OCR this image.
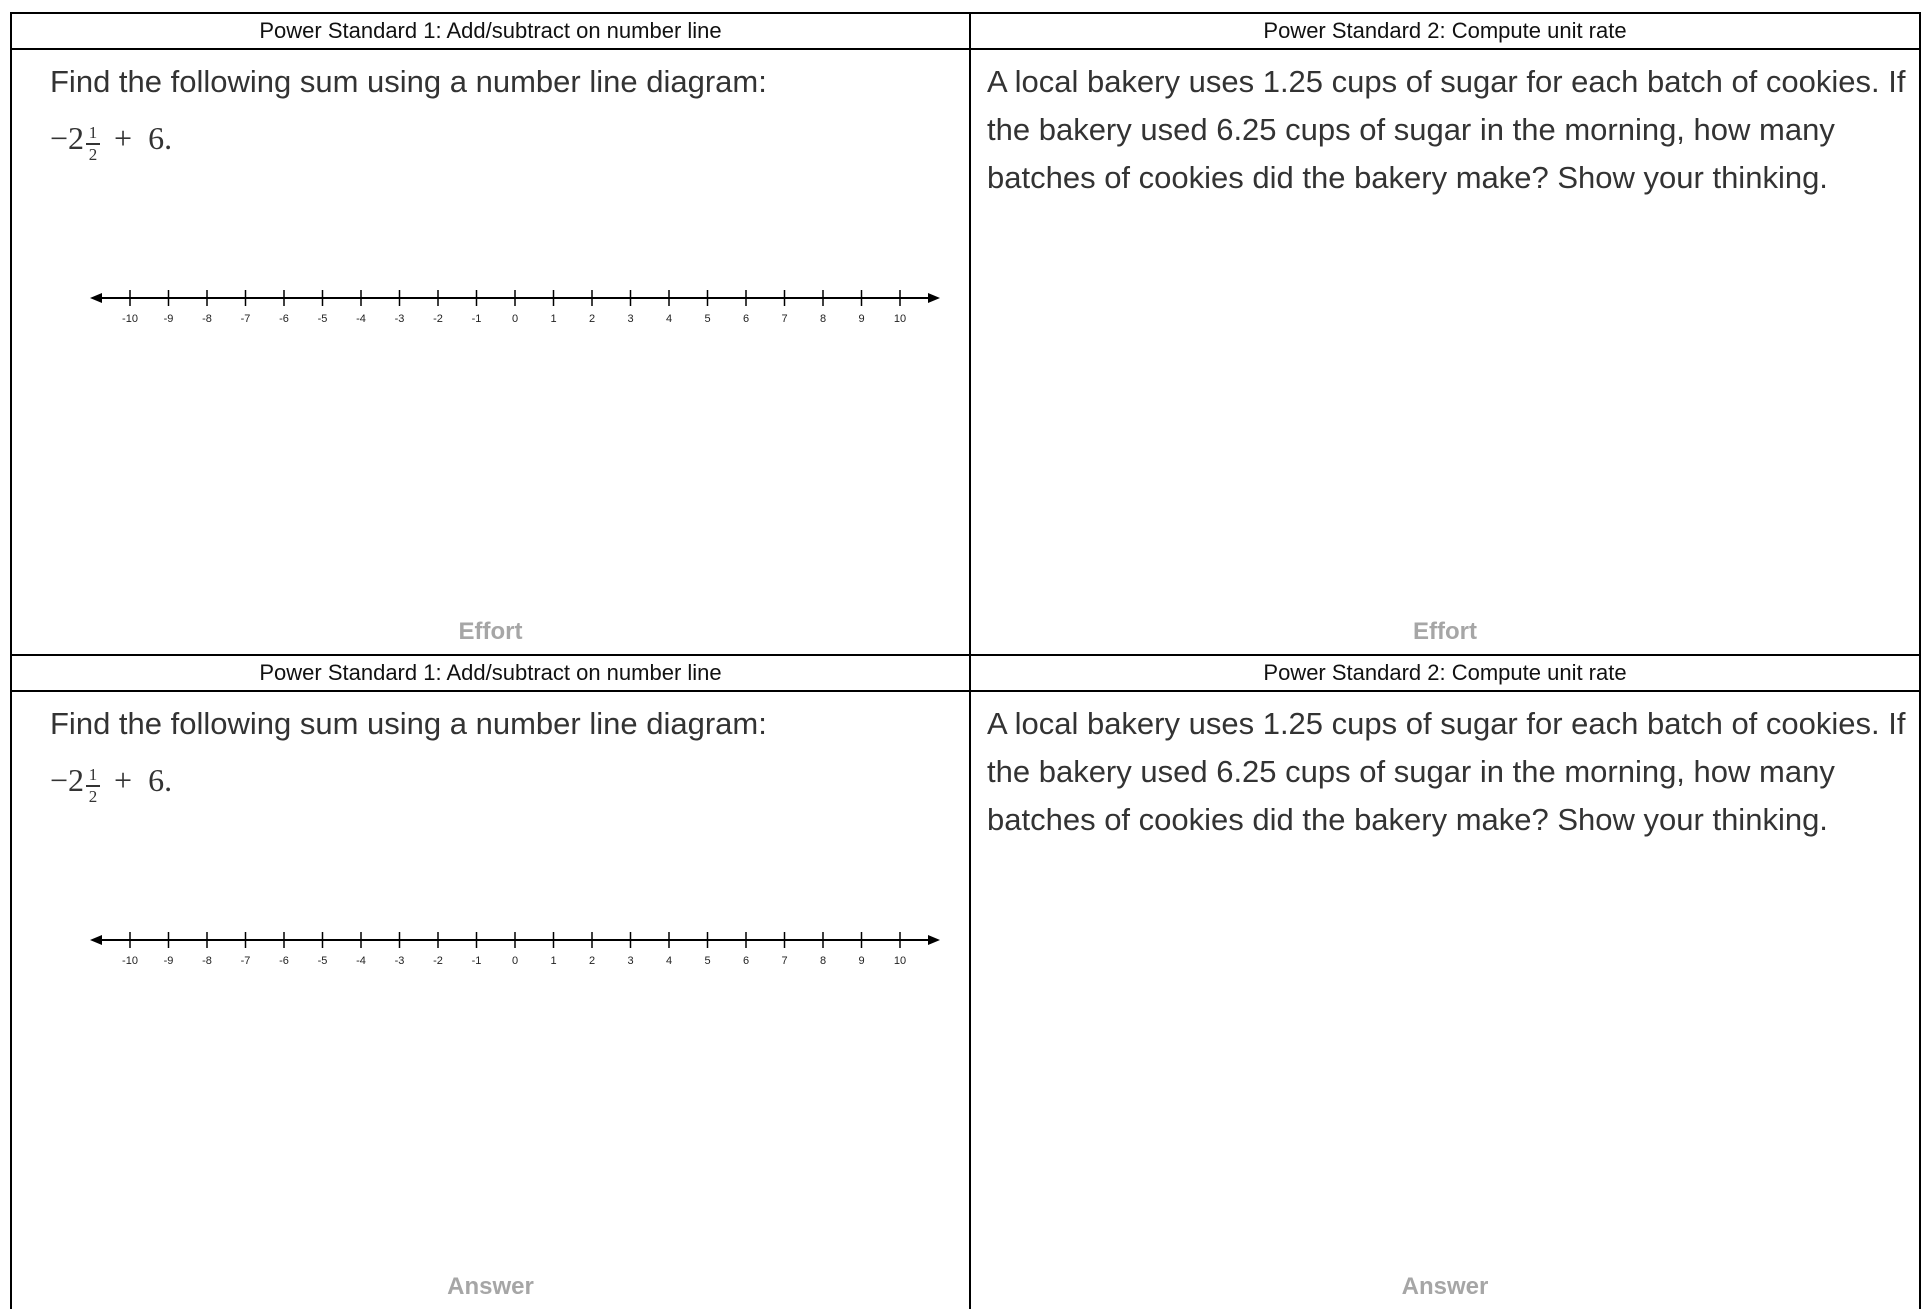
Power Standard 1: Add/subtract on number line

Find the following sum using a number line diagram:

$-2 \frac{1}{2} + 6$.
-10 -9	-8	-7	-6	-5	-4	-3	-2	-1	0	1	2	3	4	5	6	7	8	9	10
Effort
Power Standard 2: Compute unit rate

A local bakery uses 1.25 cups of sugar for each batch of cookies. If the bakery used 6.25 cups of sugar in the morning, how many batches of cookies did the bakery make? Show your thinking.

Effort
Power Standard 1: Add/subtract on number line

Find the following sum using a number line diagram:

$-2 \frac{1}{2} + 6$.
-10 -9	-8	-7	-6	-5	-4	-3	-2	-1	0	1	2	3	4	5	6	7	8	9	10
Answer
Power Standard 2: Compute unit rate

A local bakery uses 1.25 cups of sugar for each batch of cookies. If the bakery used 6.25 cups of sugar in the morning, how many batches of cookies did the bakery make? Show your thinking.

Answer
